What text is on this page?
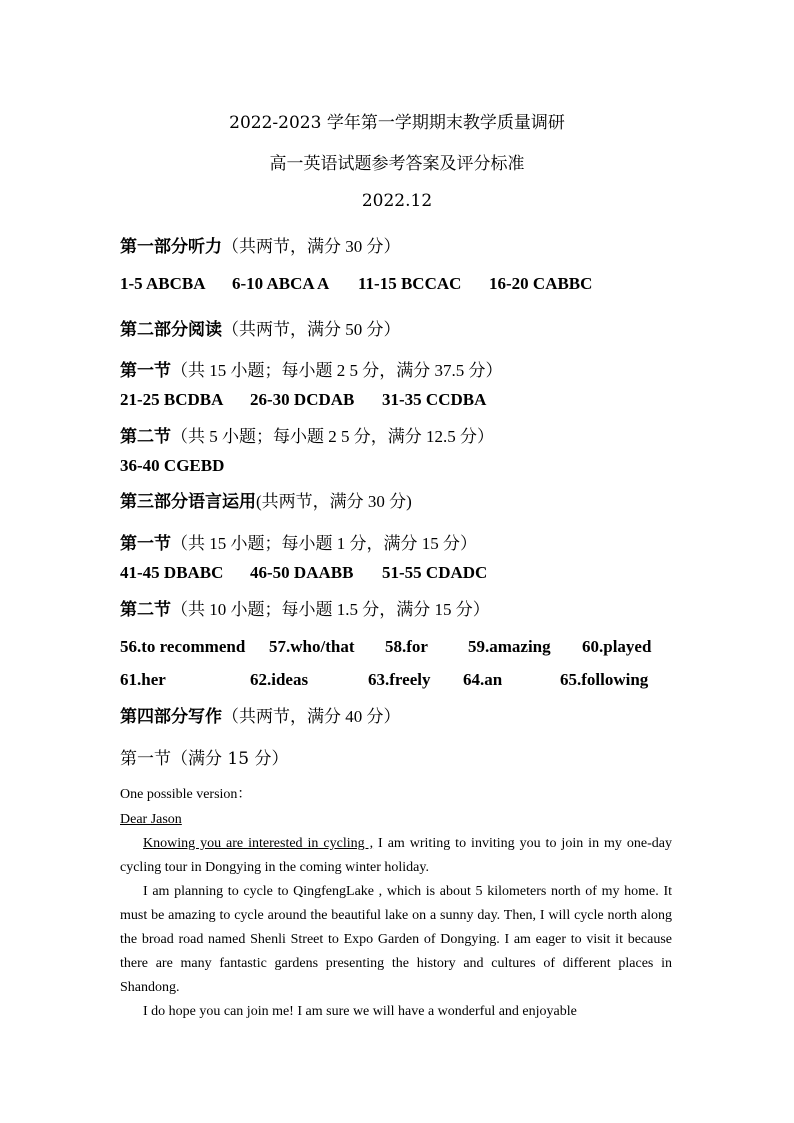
2022-2023 学年第一学期期末教学质量调研
高一英语试题参考答案及评分标准
2022.12
第一部分听力（共两节，满分 30 分）
1-5 ABCBA 6-10 ABCA A 11-15 BCCAC 16-20 CABBC
第二部分阅读（共两节，满分 50 分）
第一节（共 15 小题；每小题 2 5 分，满分 37.5 分）
21-25 BCDBA 26-30 DCDAB 31-35 CCDBA
第二节（共 5 小题；每小题 2 5 分，满分 12.5 分）
36-40 CGEBD
第三部分语言运用(共两节，满分 30 分)
第一节（共 15 小题；每小题 1 分，满分 15 分）
41-45 DBABC 46-50 DAABB 51-55 CDADC
第二节（共 10 小题；每小题 1.5 分，满分 15 分）
56.to recommend 57.who/that 58.for 59.amazing 60.played
61.her	62.ideas	63.freely 64.an	65.following
第四部分写作（共两节，满分 40 分）
第一节（满分 15 分）
One possible version：
Dear Jason
Knowing you are interested in cycling , I am writing to inviting you to join in my one-day cycling tour in Dongying in the coming winter holiday.
I am planning to cycle to QingfengLake , which is about 5 kilometers north of my home. It must be amazing to cycle around the beautiful lake on a sunny day. Then, I will cycle north along the broad road named Shenli Street to Expo Garden of Dongying. I am eager to visit it because there are many fantastic gardens presenting the history and cultures of different places in Shandong.
I do hope you can join me! I am sure we will have a wonderful and enjoyable
